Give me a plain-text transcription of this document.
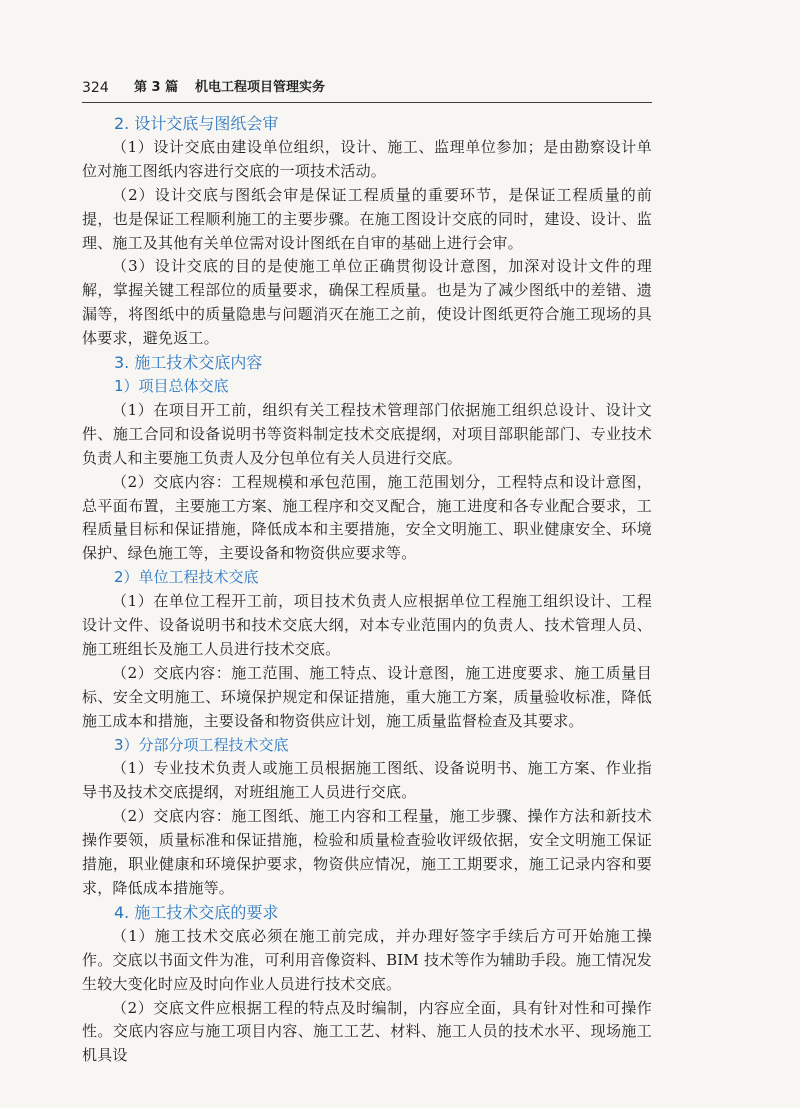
324 第 3 篇 机电工程项目管理实务

2. 设计交底与图纸会审

（1）设计交底由建设单位组织，设计、施工、监理单位参加；是由勘察设计单位对施工图纸内容进行交底的一项技术活动。

（2）设计交底与图纸会审是保证工程质量的重要环节，是保证工程质量的前提，也是保证工程顺利施工的主要步骤。在施工图设计交底的同时，建设、设计、监理、施工及其他有关单位需对设计图纸在自审的基础上进行会审。

（3）设计交底的目的是使施工单位正确贯彻设计意图，加深对设计文件的理解，掌握关键工程部位的质量要求，确保工程质量。也是为了减少图纸中的差错、遗漏等，将图纸中的质量隐患与问题消灭在施工之前，使设计图纸更符合施工现场的具体要求，避免返工。

3. 施工技术交底内容

1）项目总体交底

（1）在项目开工前，组织有关工程技术管理部门依据施工组织总设计、设计文件、施工合同和设备说明书等资料制定技术交底提纲，对项目部职能部门、专业技术负责人和主要施工负责人及分包单位有关人员进行交底。

（2）交底内容：工程规模和承包范围，施工范围划分，工程特点和设计意图，总平面布置，主要施工方案、施工程序和交叉配合，施工进度和各专业配合要求，工程质量目标和保证措施，降低成本和主要措施，安全文明施工、职业健康安全、环境保护、绿色施工等，主要设备和物资供应要求等。

2）单位工程技术交底

（1）在单位工程开工前，项目技术负责人应根据单位工程施工组织设计、工程设计文件、设备说明书和技术交底大纲，对本专业范围内的负责人、技术管理人员、施工班组长及施工人员进行技术交底。

（2）交底内容：施工范围、施工特点、设计意图，施工进度要求、施工质量目标、安全文明施工、环境保护规定和保证措施，重大施工方案，质量验收标准，降低施工成本和措施，主要设备和物资供应计划，施工质量监督检查及其要求。

3）分部分项工程技术交底

（1）专业技术负责人或施工员根据施工图纸、设备说明书、施工方案、作业指导书及技术交底提纲，对班组施工人员进行交底。

（2）交底内容：施工图纸、施工内容和工程量，施工步骤、操作方法和新技术操作要领，质量标准和保证措施，检验和质量检查验收评级依据，安全文明施工保证措施，职业健康和环境保护要求，物资供应情况，施工工期要求，施工记录内容和要求，降低成本措施等。

4. 施工技术交底的要求

（1）施工技术交底必须在施工前完成，并办理好签字手续后方可开始施工操作。交底以书面文件为准，可利用音像资料、BIM 技术等作为辅助手段。施工情况发生较大变化时应及时向作业人员进行技术交底。

（2）交底文件应根据工程的特点及时编制，内容应全面，具有针对性和可操作性。交底内容应与施工项目内容、施工工艺、材料、施工人员的技术水平、现场施工机具设
